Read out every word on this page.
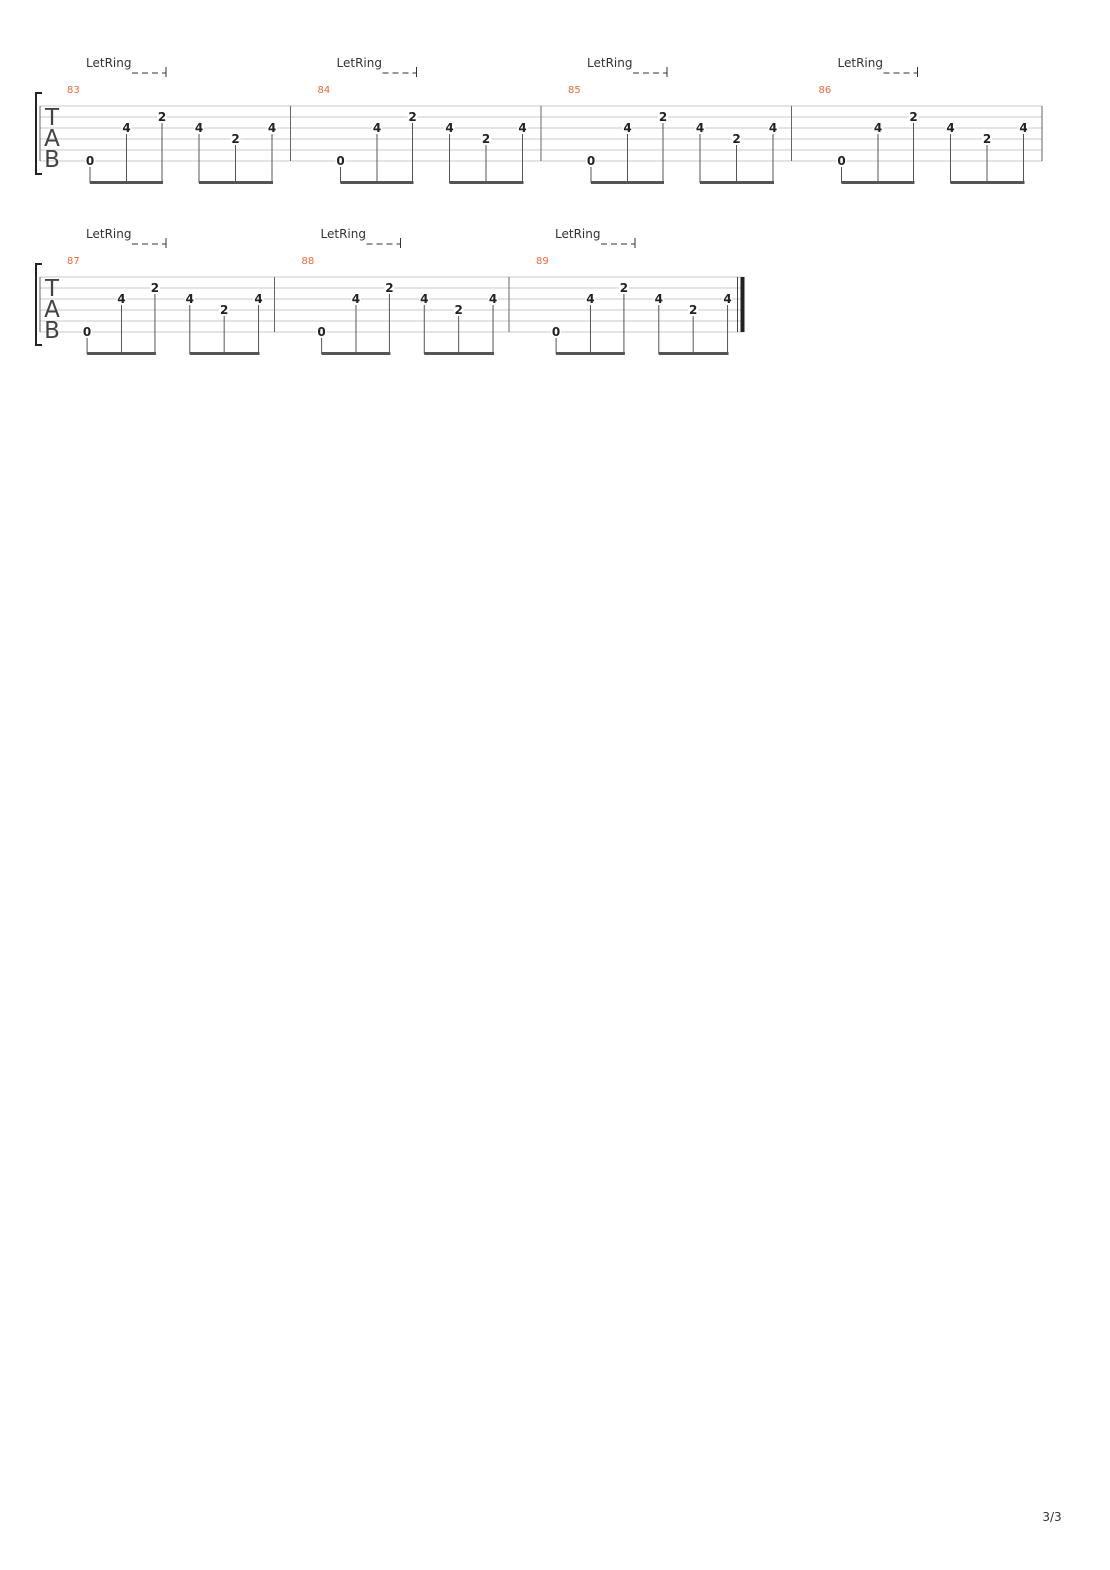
T
A
B
83
LetRing
0
4
2
4
2
4
84
LetRing
0
4
2
4
2
4
85
LetRing
0
4
2
4
2
4
86
LetRing
0
4
2
4
2
4
T
A
B
87
LetRing
0
4
2
4
2
4
88
LetRing
0
4
2
4
2
4
89
LetRing
0
4
2
4
2
4
3/3
